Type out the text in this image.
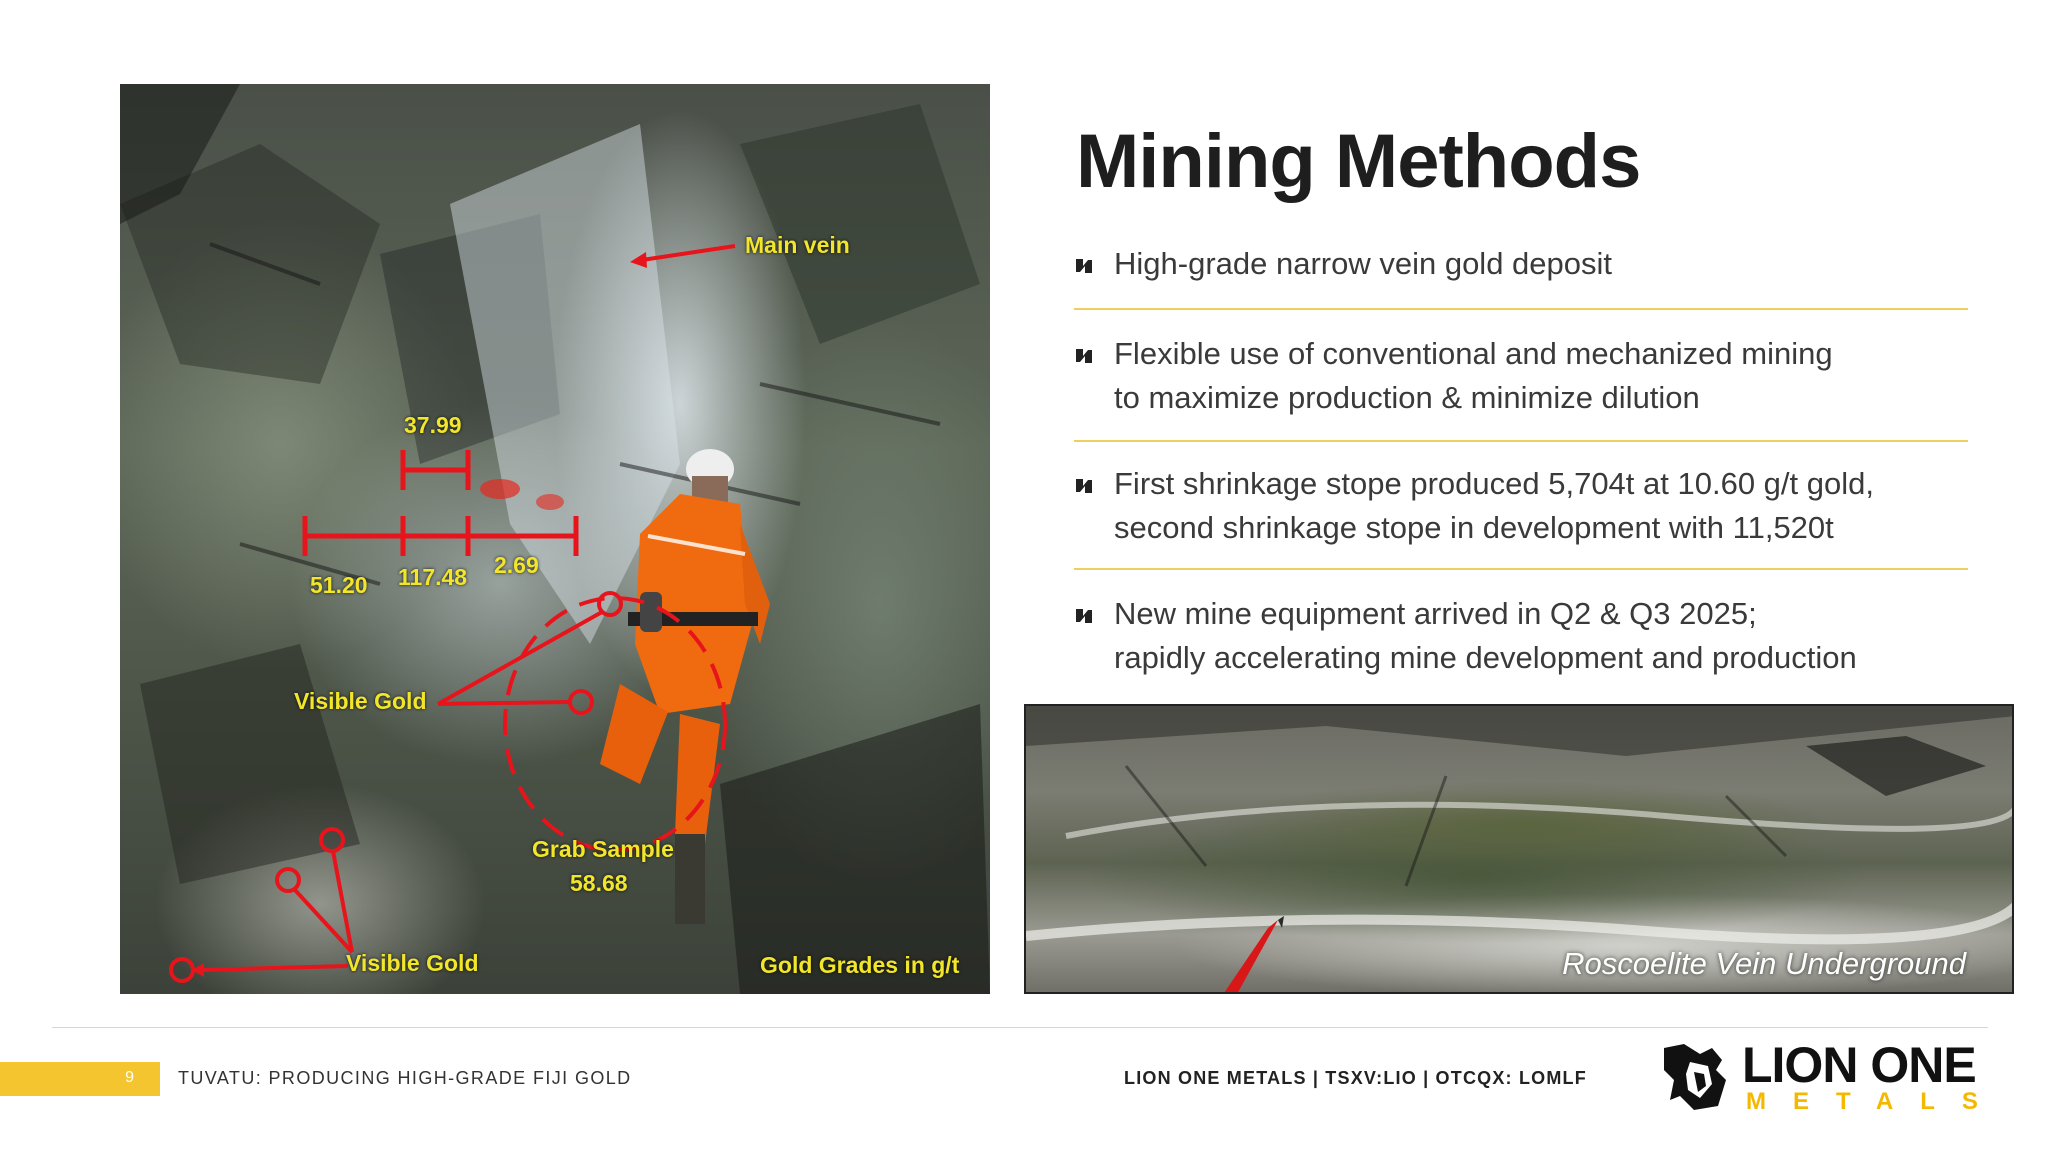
Main vein
37.99
51.20 117.48 2.69
Visible Gold
Grab Sample
58.68
Visible Gold	Gold Grades in g/t
Mining Methods
High-grade narrow vein gold deposit
Flexible use of conventional and mechanized mining
to maximize production & minimize dilution
First shrinkage stope produced 5,704t at 10.60 g/t gold,
second shrinkage stope in development with 11,520t
New mine equipment arrived in Q2 & Q3 2025;
rapidly accelerating mine development and production
Roscoelite Vein Underground
9 TUVATU: PRODUCING HIGH-GRADE FIJI GOLD	LION ONE METALS | TSXV:LIO | OTCQX: LOMLF	LION ONE
METALS
